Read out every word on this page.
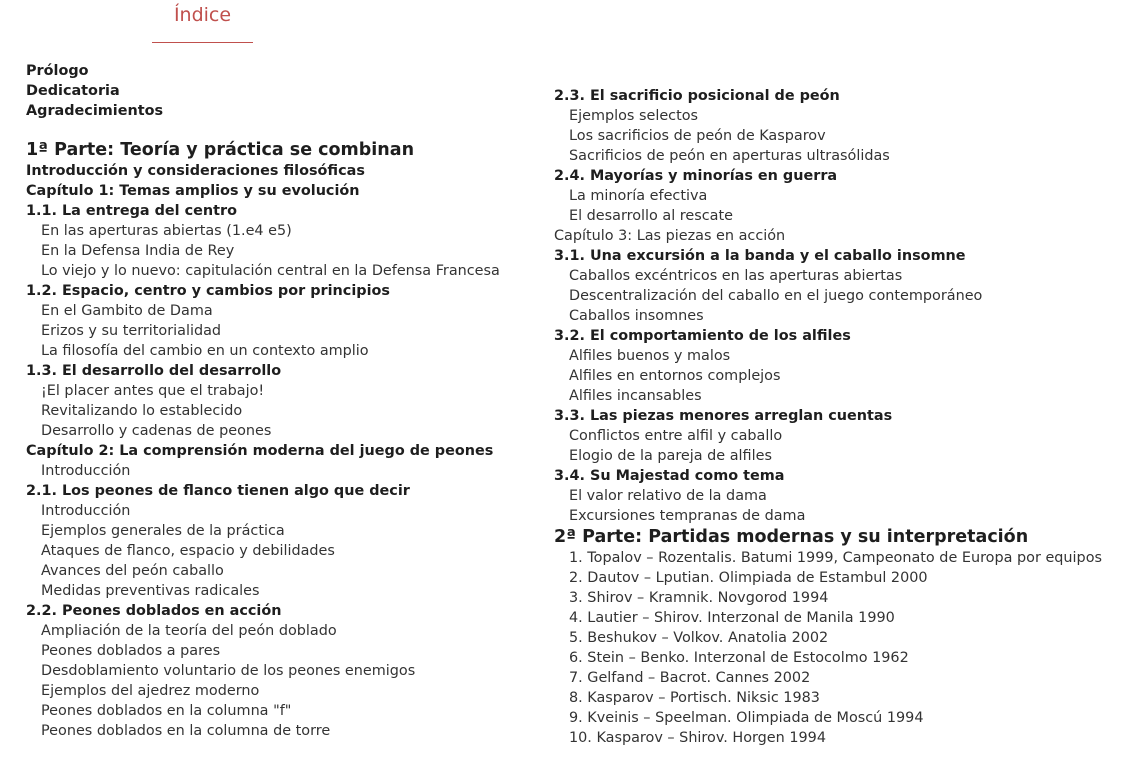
Índice
Prólogo
Dedicatoria
Agradecimientos
1ª Parte: Teoría y práctica se combinan
Introducción y consideraciones filosóficas
Capítulo 1: Temas amplios y su evolución
1.1. La entrega del centro
En las aperturas abiertas (1.e4 e5)
En la Defensa India de Rey
Lo viejo y lo nuevo: capitulación central en la Defensa Francesa
1.2. Espacio, centro y cambios por principios
En el Gambito de Dama
Erizos y su territorialidad
La filosofía del cambio en un contexto amplio
1.3. El desarrollo del desarrollo
¡El placer antes que el trabajo!
Revitalizando lo establecido
Desarrollo y cadenas de peones
Capítulo 2: La comprensión moderna del juego de peones
Introducción
2.1. Los peones de flanco tienen algo que decir
Introducción
Ejemplos generales de la práctica
Ataques de flanco, espacio y debilidades
Avances del peón caballo
Medidas preventivas radicales
2.2. Peones doblados en acción
Ampliación de la teoría del peón doblado
Peones doblados a pares
Desdoblamiento voluntario de los peones enemigos
Ejemplos del ajedrez moderno
Peones doblados en la columna "f"
Peones doblados en la columna de torre
2.3. El sacrificio posicional de peón
Ejemplos selectos
Los sacrificios de peón de Kasparov
Sacrificios de peón en aperturas ultrasólidas
2.4. Mayorías y minorías en guerra
La minoría efectiva
El desarrollo al rescate
Capítulo 3: Las piezas en acción
3.1. Una excursión a la banda y el caballo insomne
Caballos excéntricos en las aperturas abiertas
Descentralización del caballo en el juego contemporáneo
Caballos insomnes
3.2. El comportamiento de los alfiles
Alfiles buenos y malos
Alfiles en entornos complejos
Alfiles incansables
3.3. Las piezas menores arreglan cuentas
Conflictos entre alfil y caballo
Elogio de la pareja de alfiles
3.4. Su Majestad como tema
El valor relativo de la dama
Excursiones tempranas de dama
2ª Parte: Partidas modernas y su interpretación
1. Topalov – Rozentalis. Batumi 1999, Campeonato de Europa por equipos
2. Dautov – Lputian. Olimpiada de Estambul 2000
3. Shirov – Kramnik. Novgorod 1994
4. Lautier – Shirov. Interzonal de Manila 1990
5. Beshukov – Volkov. Anatolia 2002
6. Stein – Benko. Interzonal de Estocolmo 1962
7. Gelfand – Bacrot. Cannes 2002
8. Kasparov – Portisch. Niksic 1983
9. Kveinis – Speelman. Olimpiada de Moscú 1994
10. Kasparov – Shirov. Horgen 1994
